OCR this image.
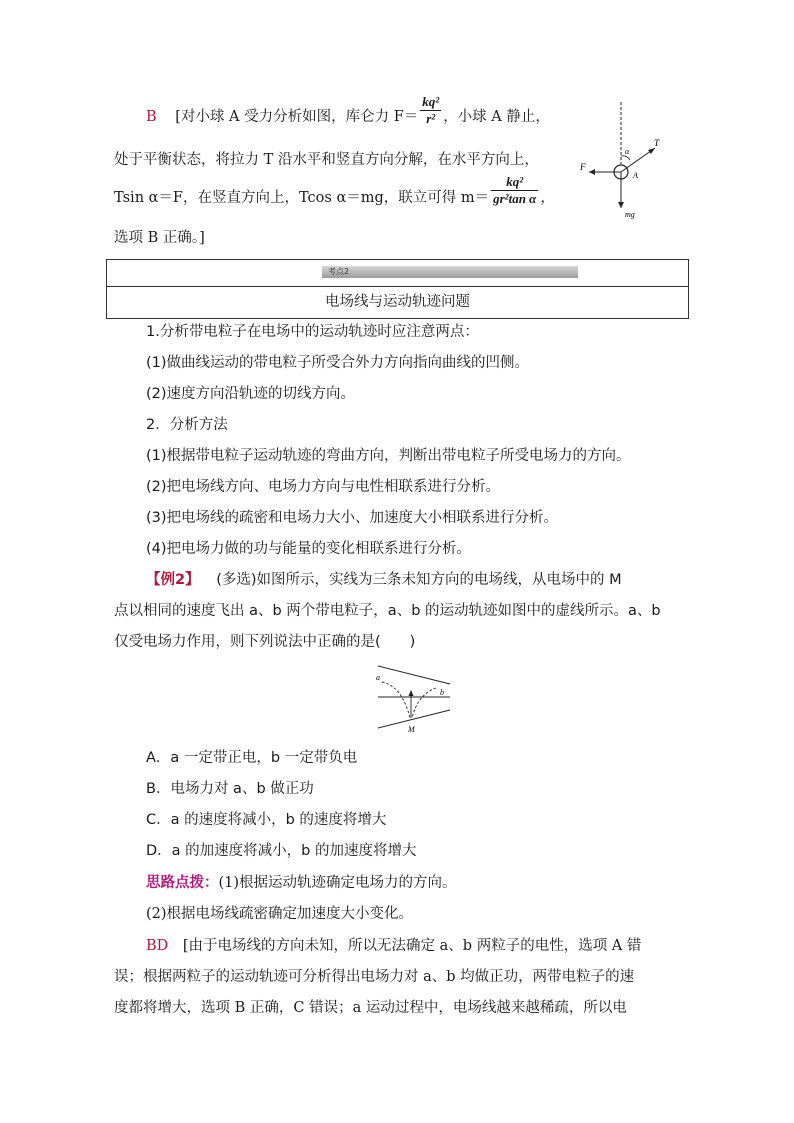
B [对小球 A 受力分析如图，库仑力 $F= \frac{\text{kq²}}{\text{r²}}$ ，小球 A 静止，
处于平衡状态，将拉力 T 沿水平和竖直方向分解，在水平方向上，
Tsin α＝F，在竖直方向上，Tcos α＝mg，联立可得 $m= \frac{\text{kq²}}{\text{gr²tan α}}$ ，
选项 B 正确。]
T
α
F
A
mg
考点2
电场线与运动轨迹问题
1.分析带电粒子在电场中的运动轨迹时应注意两点：
(1)做曲线运动的带电粒子所受合外力方向指向曲线的凹侧。
(2)速度方向沿轨迹的切线方向。
2．分析方法
(1)根据带电粒子运动轨迹的弯曲方向，判断出带电粒子所受电场力的方向。
(2)把电场线方向、电场力方向与电性相联系进行分析。
(3)把电场线的疏密和电场力大小、加速度大小相联系进行分析。
(4)把电场力做的功与能量的变化相联系进行分析。
【例2】 (多选)如图所示，实线为三条未知方向的电场线，从电场中的 M
点以相同的速度飞出 a、b 两个带电粒子，a、b 的运动轨迹如图中的虚线所示。a、b
仅受电场力作用，则下列说法中正确的是(　　)
a
b
M
A．a 一定带正电，b 一定带负电
B．电场力对 a、b 做正功
C．a 的速度将减小，b 的速度将增大
D．a 的加速度将减小，b 的加速度将增大
思路点拨：(1)根据运动轨迹确定电场力的方向。
(2)根据电场线疏密确定加速度大小变化。
BD [由于电场线的方向未知，所以无法确定 a、b 两粒子的电性，选项 A 错
误；根据两粒子的运动轨迹可分析得出电场力对 a、b 均做正功，两带电粒子的速
度都将增大，选项 B 正确，C 错误；a 运动过程中，电场线越来越稀疏，所以电
